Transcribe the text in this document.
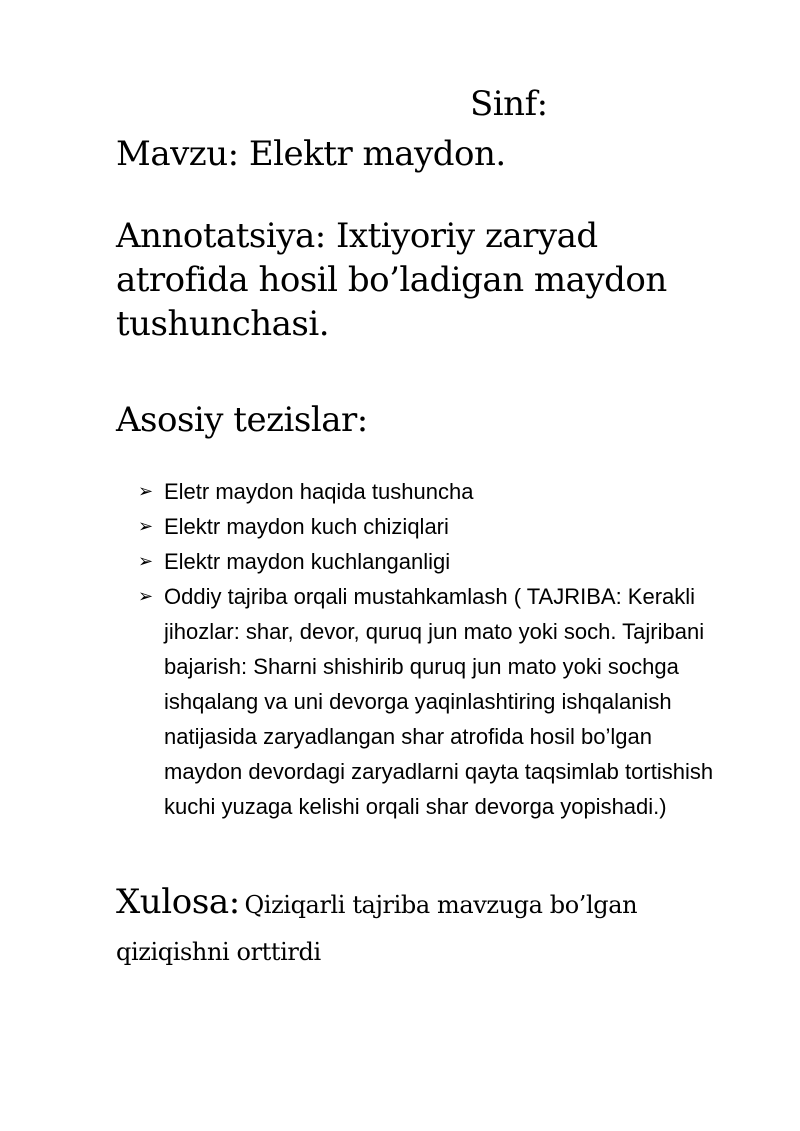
Sinf:
Mavzu: Elektr maydon.

Annotatsiya: Ixtiyoriy zaryad atrofida hosil bo’ladigan maydon tushunchasi.

Asosiy tezislar:
➢ Eletr maydon haqida tushuncha
➢ Elektr maydon kuch chiziqlari
➢ Elektr maydon kuchlanganligi
➢ Oddiy tajriba orqali mustahkamlash ( TAJRIBA: Kerakli jihozlar: shar, devor, quruq jun mato yoki soch. Tajribani bajarish: Sharni shishirib quruq jun mato yoki sochga ishqalang va uni devorga yaqinlashtiring ishqalanish natijasida zaryadlangan shar atrofida hosil bo’lgan maydon devordagi zaryadlarni qayta taqsimlab tortishish kuchi yuzaga kelishi orqali shar devorga yopishadi.)

Xulosa: Qiziqarli tajriba mavzuga bo’lgan qiziqishni orttirdi
